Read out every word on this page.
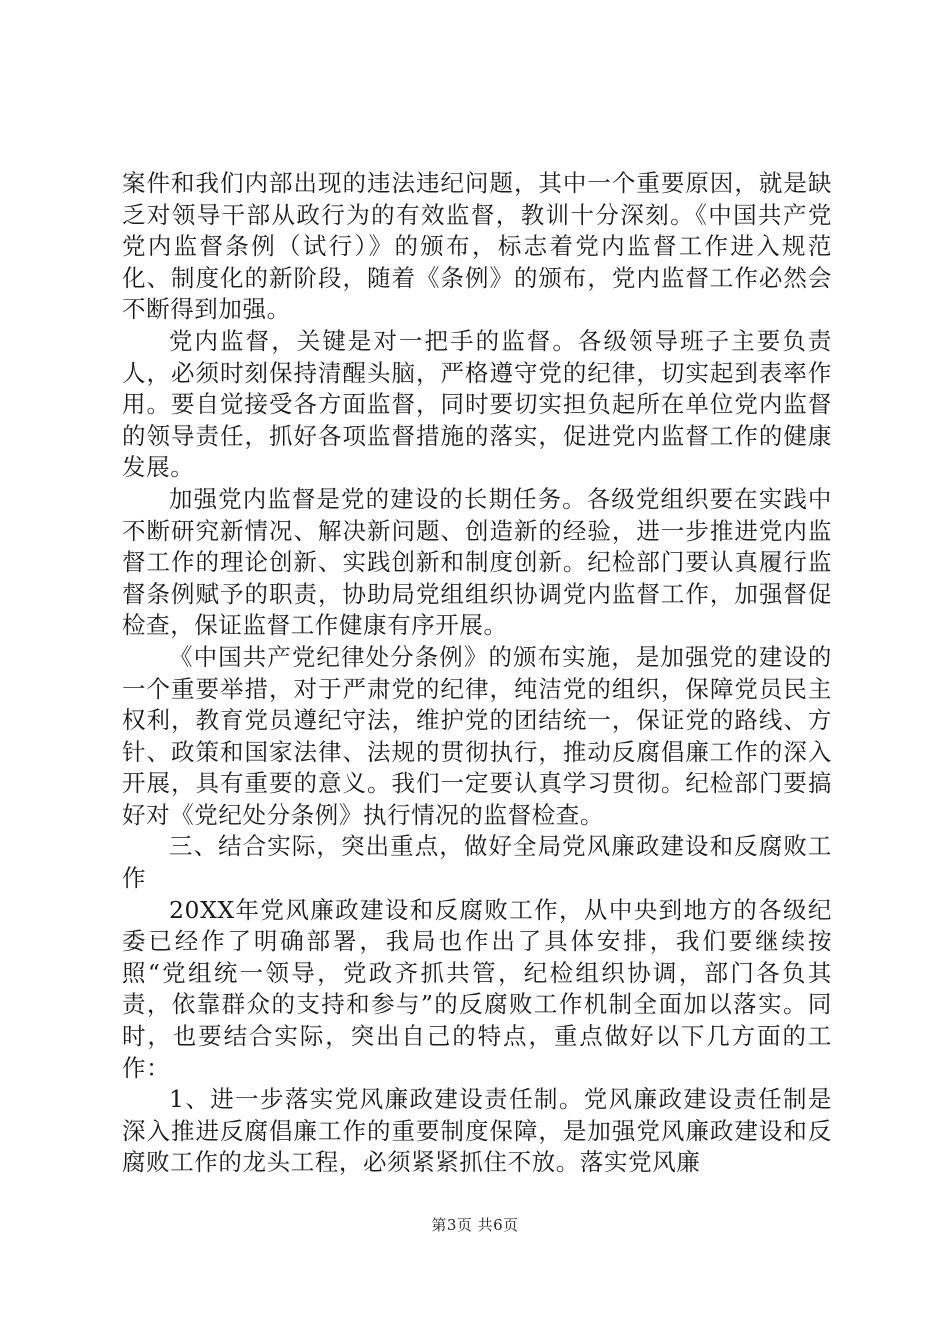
案件和我们内部出现的违法违纪问题，其中一个重要原因，就是缺乏对领导干部从政行为的有效监督，教训十分深刻。《中国共产党党内监督条例（试行）》的颁布，标志着党内监督工作进入规范化、制度化的新阶段，随着《条例》的颁布，党内监督工作必然会不断得到加强。

党内监督，关键是对一把手的监督。各级领导班子主要负责人，必须时刻保持清醒头脑，严格遵守党的纪律，切实起到表率作用。要自觉接受各方面监督，同时要切实担负起所在单位党内监督的领导责任，抓好各项监督措施的落实，促进党内监督工作的健康发展。

加强党内监督是党的建设的长期任务。各级党组织要在实践中不断研究新情况、解决新问题、创造新的经验，进一步推进党内监督工作的理论创新、实践创新和制度创新。纪检部门要认真履行监督条例赋予的职责，协助局党组组织协调党内监督工作，加强督促检查，保证监督工作健康有序开展。

《中国共产党纪律处分条例》的颁布实施，是加强党的建设的一个重要举措，对于严肃党的纪律，纯洁党的组织，保障党员民主权利，教育党员遵纪守法，维护党的团结统一，保证党的路线、方针、政策和国家法律、法规的贯彻执行，推动反腐倡廉工作的深入开展，具有重要的意义。我们一定要认真学习贯彻。纪检部门要搞好对《党纪处分条例》执行情况的监督检查。

三、结合实际，突出重点，做好全局党风廉政建设和反腐败工作

20XX年党风廉政建设和反腐败工作，从中央到地方的各级纪委已经作了明确部署，我局也作出了具体安排，我们要继续按照“党组统一领导，党政齐抓共管，纪检组织协调，部门各负其责，依靠群众的支持和参与”的反腐败工作机制全面加以落实。同时，也要结合实际，突出自己的特点，重点做好以下几方面的工作：

1、进一步落实党风廉政建设责任制。党风廉政建设责任制是深入推进反腐倡廉工作的重要制度保障，是加强党风廉政建设和反腐败工作的龙头工程，必须紧紧抓住不放。落实党风廉

第3页 共6页
